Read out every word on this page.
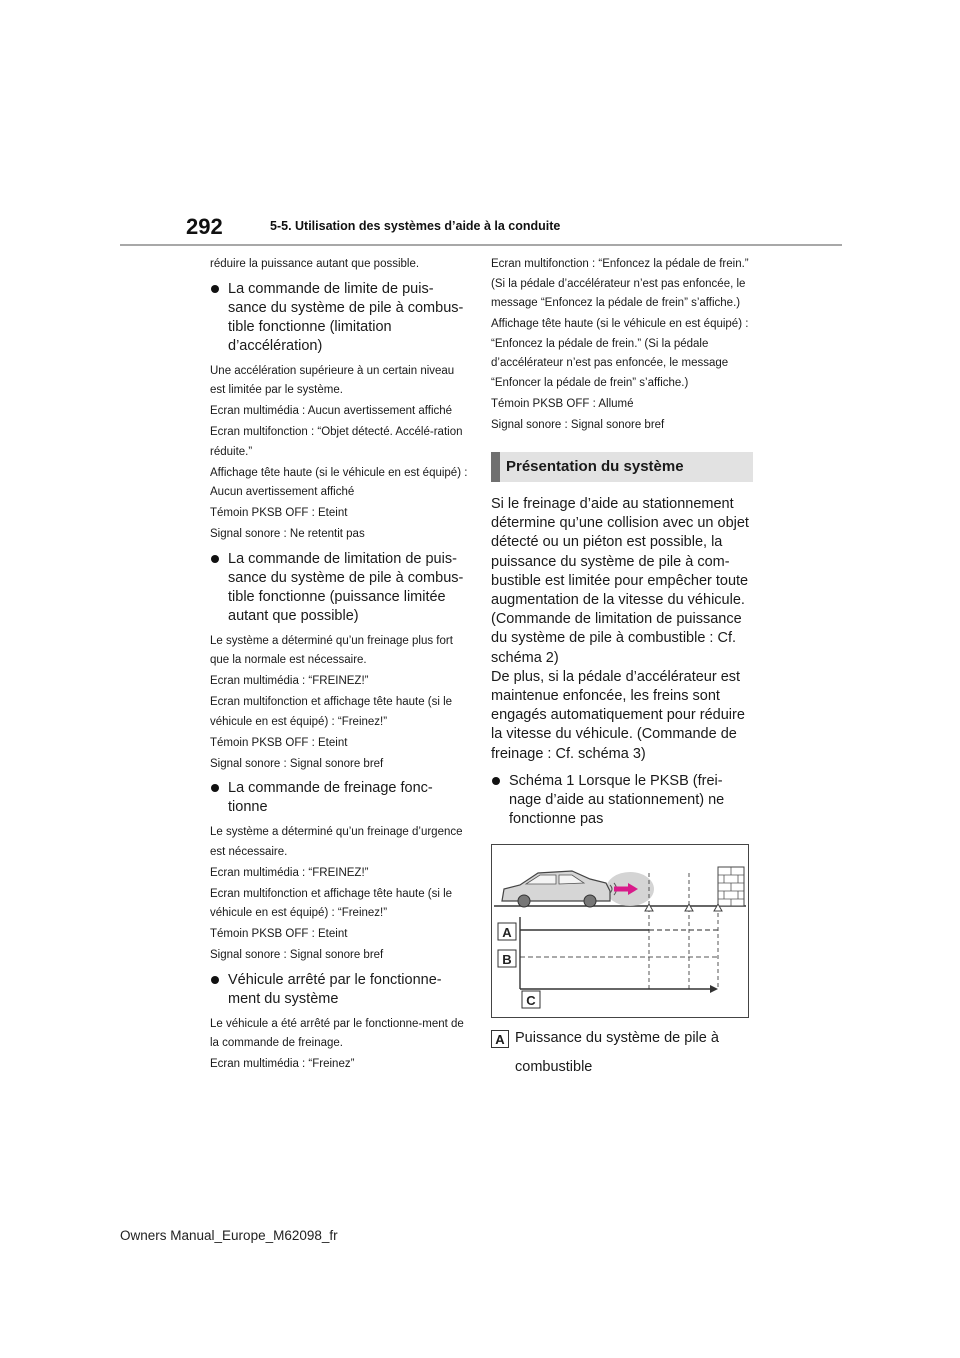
292	5-5. Utilisation des systèmes d’aide à la conduite

réduire la puissance autant que possible.

La commande de limite de puis-sance du système de pile à combus-tible fonctionne (limitation d’accélération)

Une accélération supérieure à un certain niveau est limitée par le système.

Ecran multimédia : Aucun avertissement affiché

Ecran multifonction : “Objet détecté. Accélé-ration réduite.”

Affichage tête haute (si le véhicule en est équipé) : Aucun avertissement affiché

Témoin PKSB OFF : Eteint

Signal sonore : Ne retentit pas

La commande de limitation de puis-sance du système de pile à combus-tible fonctionne (puissance limitée autant que possible)

Le système a déterminé qu’un freinage plus fort que la normale est nécessaire.

Ecran multimédia : “FREINEZ!”

Ecran multifonction et affichage tête haute (si le véhicule en est équipé) : “Freinez!”

Témoin PKSB OFF : Eteint

Signal sonore : Signal sonore bref

La commande de freinage fonc-tionne

Le système a déterminé qu’un freinage d’urgence est nécessaire.

Ecran multimédia : “FREINEZ!”

Ecran multifonction et affichage tête haute (si le véhicule en est équipé) : “Freinez!”

Témoin PKSB OFF : Eteint

Signal sonore : Signal sonore bref

Véhicule arrêté par le fonctionne-ment du système

Le véhicule a été arrêté par le fonctionne-ment de la commande de freinage.

Ecran multimédia : “Freinez”

Ecran multifonction : “Enfoncez la pédale de frein.” (Si la pédale d’accélérateur n’est pas enfoncée, le message “Enfoncez la pédale de frein” s’affiche.)

Affichage tête haute (si le véhicule en est équipé) : “Enfoncez la pédale de frein.” (Si la pédale d’accélérateur n’est pas enfoncée, le message “Enfoncer la pédale de frein” s’affiche.)

Témoin PKSB OFF : Allumé

Signal sonore : Signal sonore bref

Présentation du système

Si le freinage d’aide au stationnement détermine qu’une collision avec un objet détecté ou un piéton est possible, la puissance du système de pile à com-bustible est limitée pour empêcher toute augmentation de la vitesse du véhicule. (Commande de limitation de puissance du système de pile à combustible : Cf. schéma 2)

De plus, si la pédale d’accélérateur est maintenue enfoncée, les freins sont engagés automatiquement pour réduire la vitesse du véhicule. (Commande de freinage : Cf. schéma 3)

Schéma 1 Lorsque le PKSB (frei-nage d’aide au stationnement) ne fonctionne pas
A
B
C
A Puissance du système de pile à
combustible
Owners Manual_Europe_M62098_fr
